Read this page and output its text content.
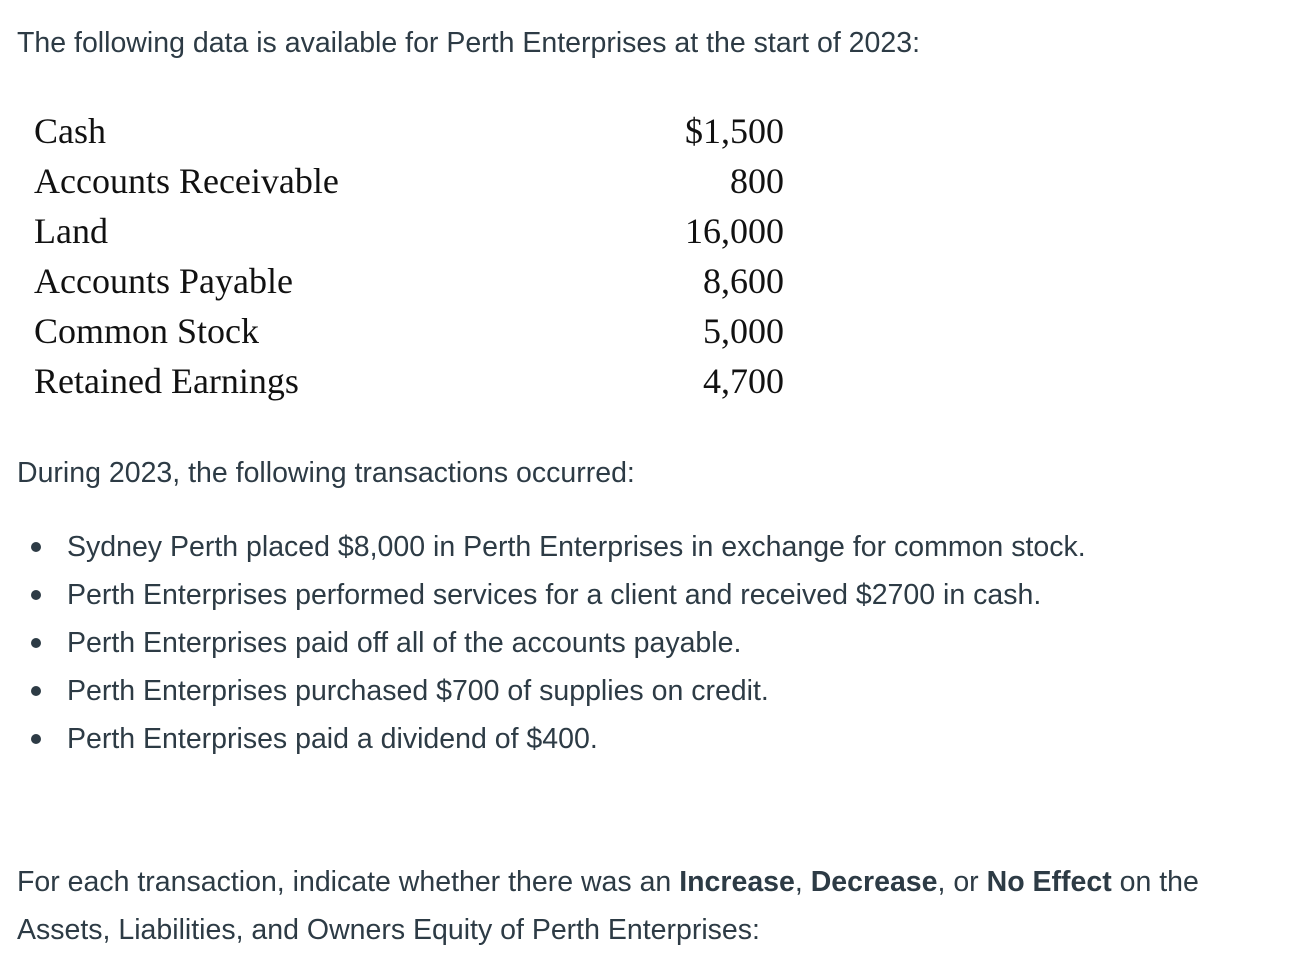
The following data is available for Perth Enterprises at the start of 2023:

Cash	$1,500
Accounts Receivable	800
Land	16,000
Accounts Payable	8,600
Common Stock	5,000
Retained Earnings	4,700

During 2023, the following transactions occurred:

Sydney Perth placed $8,000 in Perth Enterprises in exchange for common stock.
Perth Enterprises performed services for a client and received $2700 in cash.
Perth Enterprises paid off all of the accounts payable.
Perth Enterprises purchased $700 of supplies on credit.
Perth Enterprises paid a dividend of $400.

For each transaction, indicate whether there was an Increase, Decrease, or No Effect on the Assets, Liabilities, and Owners Equity of Perth Enterprises:
